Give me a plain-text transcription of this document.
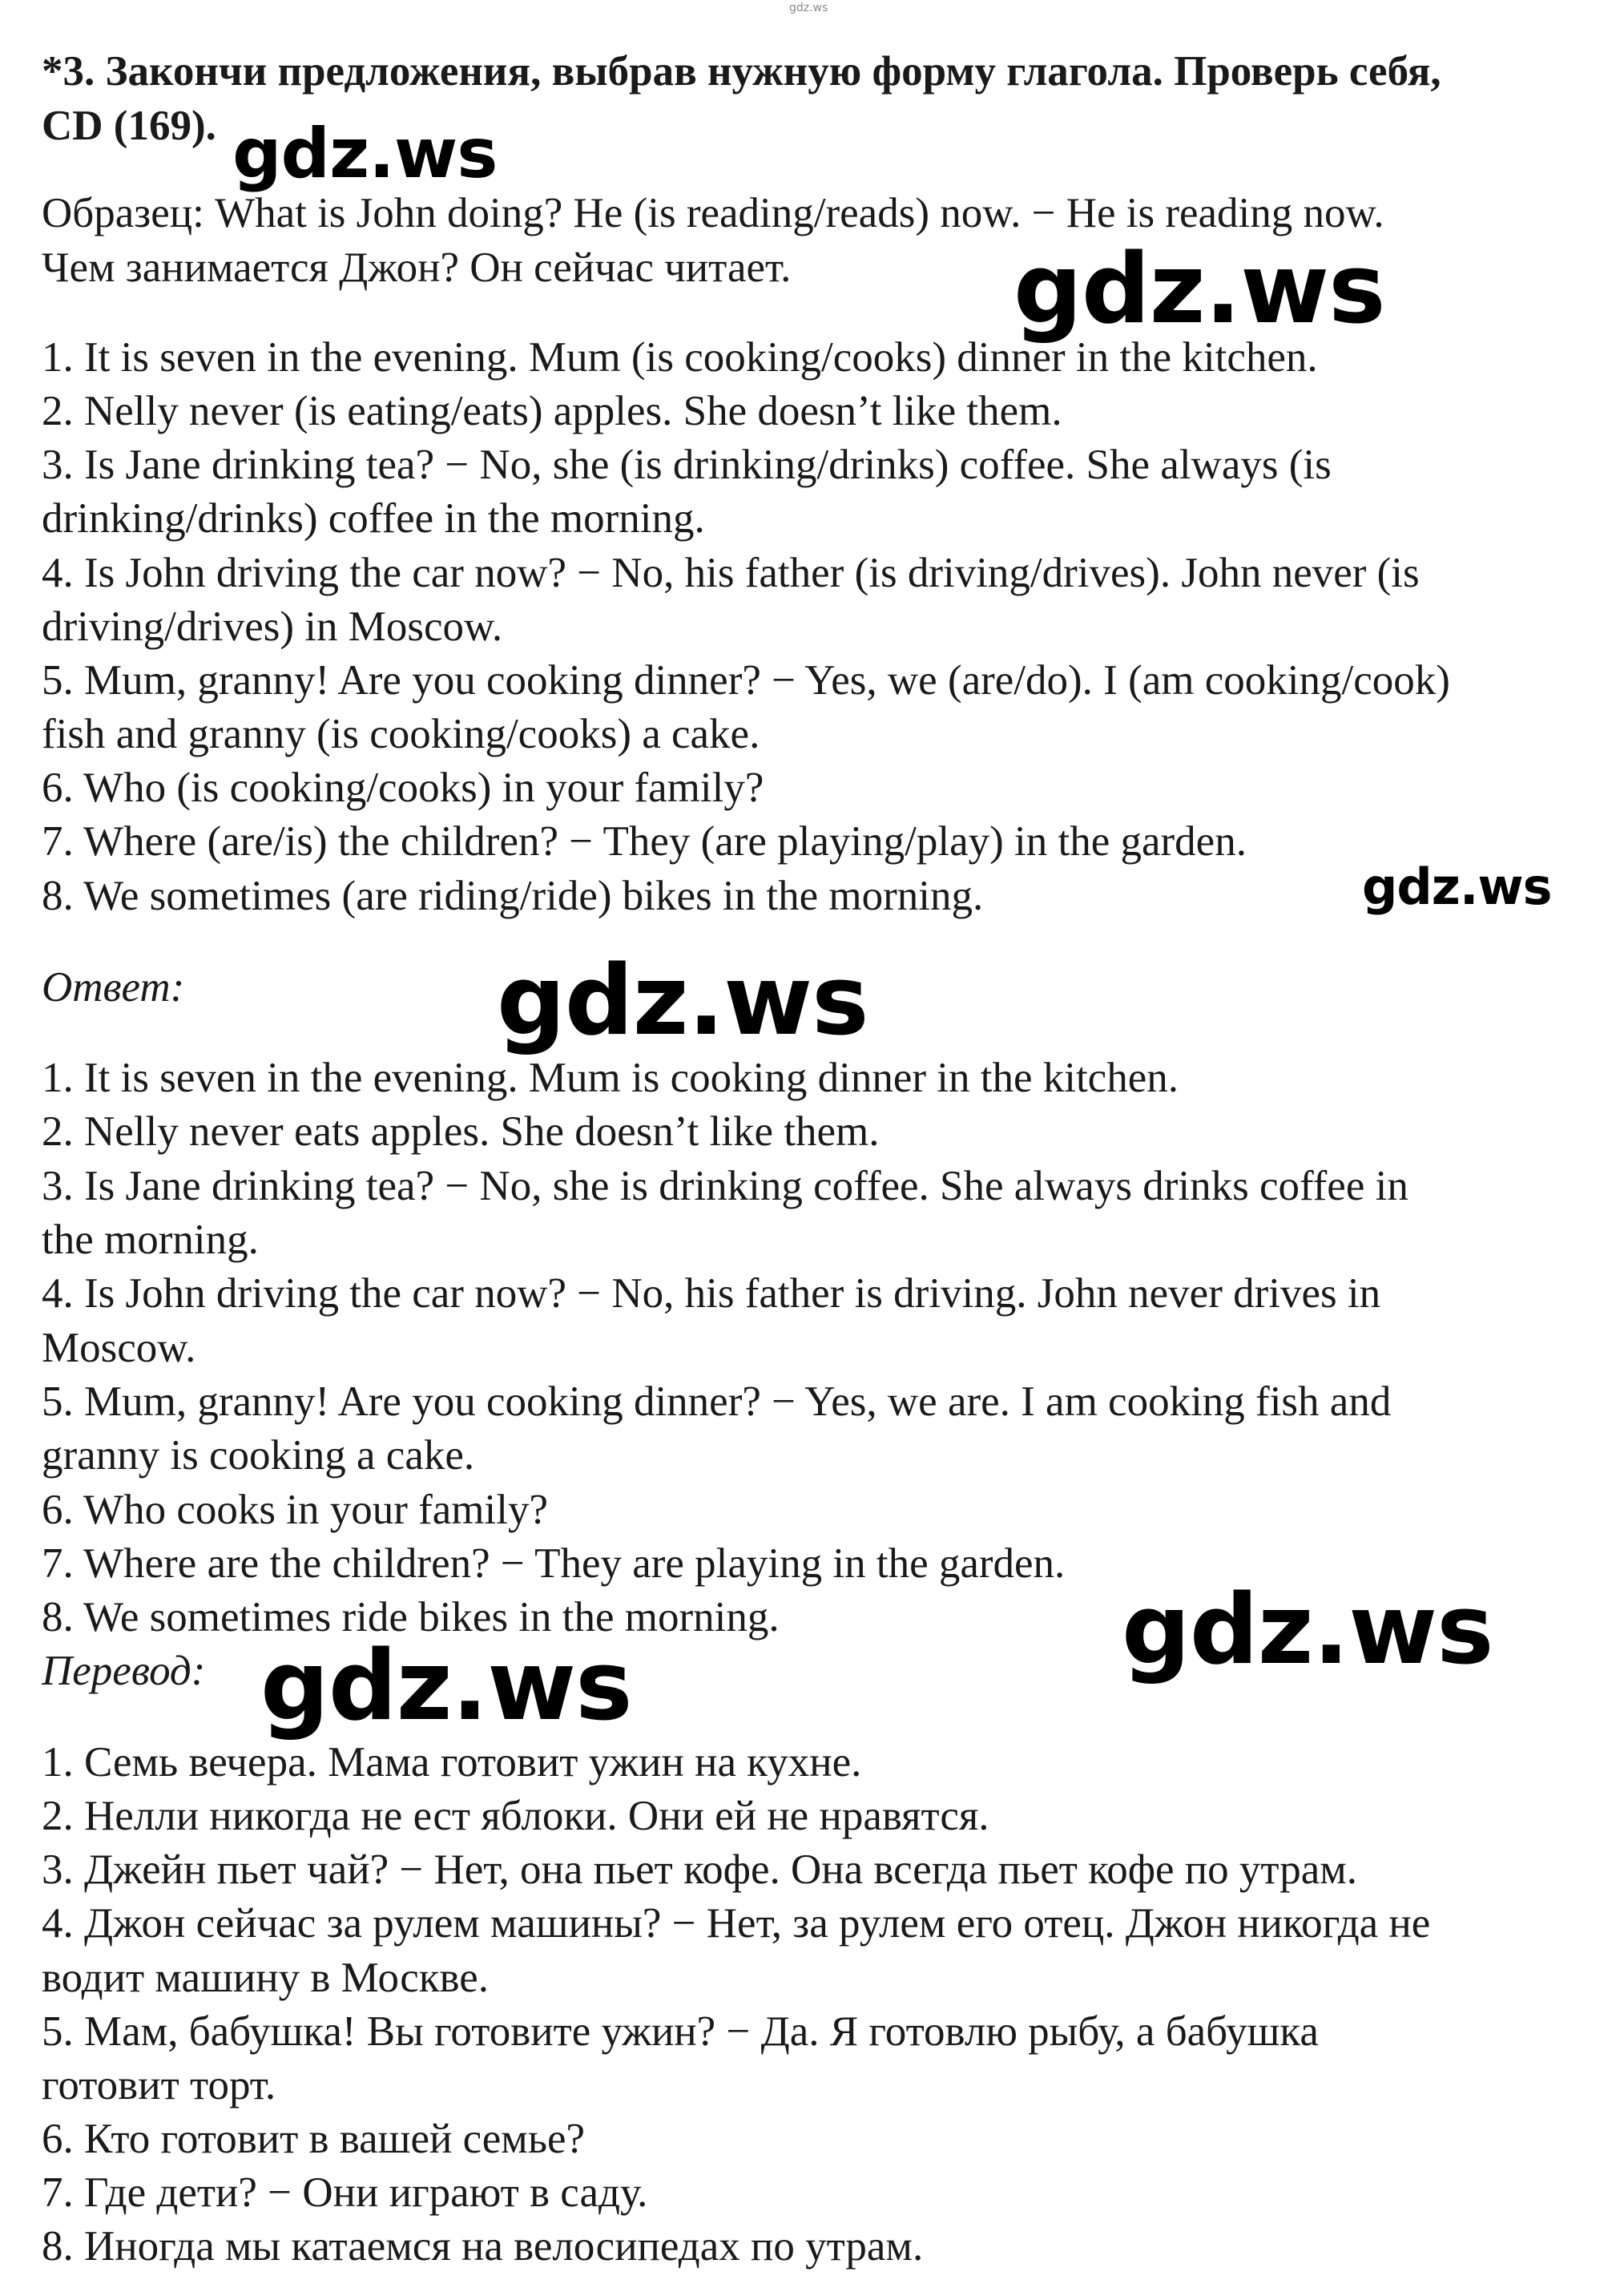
gdz.ws

*3. Закончи предложения, выбрав нужную форму глагола. Проверь себя,

CD (169).

Образец: What is John doing? He (is reading/reads) now. − He is reading now.

Чем занимается Джон? Он сейчас читает.

1. It is seven in the evening. Mum (is cooking/cooks) dinner in the kitchen.

2. Nelly never (is eating/eats) apples. She doesn’t like them.

3. Is Jane drinking tea? − No, she (is drinking/drinks) coffee. She always (is

drinking/drinks) coffee in the morning.

4. Is John driving the car now? − No, his father (is driving/drives). John never (is

driving/drives) in Moscow.

5. Mum, granny! Are you cooking dinner? − Yes, we (are/do). I (am cooking/cook)

fish and granny (is cooking/cooks) a cake.

6. Who (is cooking/cooks) in your family?

7. Where (are/is) the children? − They (are playing/play) in the garden.

8. We sometimes (are riding/ride) bikes in the morning.

Ответ:

1. It is seven in the evening. Mum is cooking dinner in the kitchen.

2. Nelly never eats apples. She doesn’t like them.

3. Is Jane drinking tea? − No, she is drinking coffee. She always drinks coffee in

the morning.

4. Is John driving the car now? − No, his father is driving. John never drives in

Moscow.

5. Mum, granny! Are you cooking dinner? − Yes, we are. I am cooking fish and

granny is cooking a cake.

6. Who cooks in your family?

7. Where are the children? − They are playing in the garden.

8. We sometimes ride bikes in the morning.

Перевод:

1. Семь вечера. Мама готовит ужин на кухне.

2. Нелли никогда не ест яблоки. Они ей не нравятся.

3. Джейн пьет чай? − Нет, она пьет кофе. Она всегда пьет кофе по утрам.

4. Джон сейчас за рулем машины? − Нет, за рулем его отец. Джон никогда не

водит машину в Москве.

5. Мам, бабушка! Вы готовите ужин? − Да. Я готовлю рыбу, а бабушка

готовит торт.

6. Кто готовит в вашей семье?

7. Где дети? − Они играют в саду.

8. Иногда мы катаемся на велосипедах по утрам.

gdz.ws
gdz.ws
gdz.ws
gdz.ws
gdz.ws
gdz.ws
